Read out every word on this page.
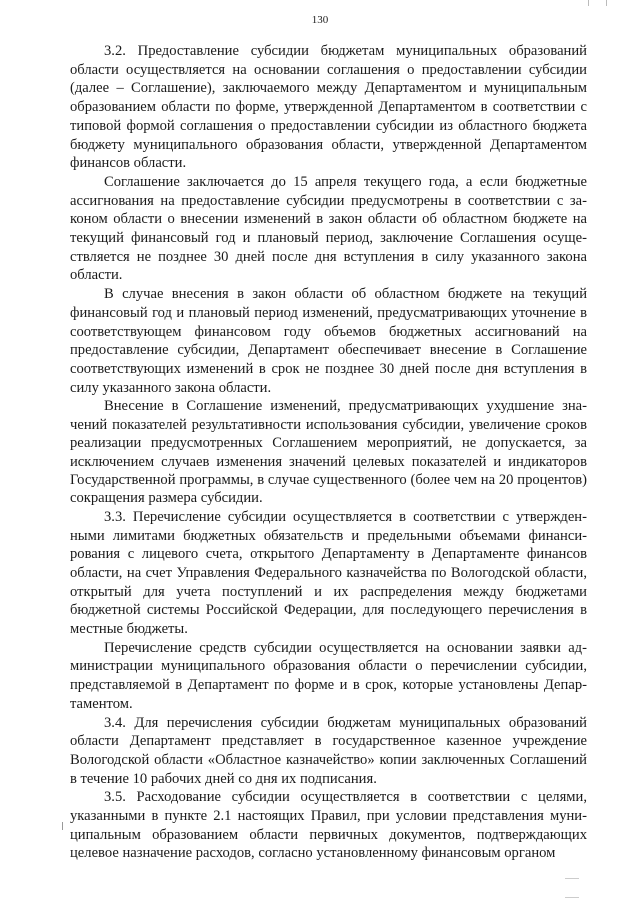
130

3.2. Предоставление субсидии бюджетам муниципальных образований области осуществляется на основании соглашения о предоставлении субсидии (далее – Соглашение), заключаемого между Департаментом и муниципальным образованием области по форме, утвержденной Департаментом в соответствии с типовой формой соглашения о предоставлении субсидии из областного бюджета бюджету муниципального образования области, утвержденной Департаментом финансов области.

Соглашение заключается до 15 апреля текущего года, а если бюджетные ассигнования на предоставление субсидии предусмотрены в соответствии с законом области о внесении изменений в закон области об областном бюджете на текущий финансовый год и плановый период, заключение Соглашения осуществляется не позднее 30 дней после дня вступления в силу указанного закона области.

В случае внесения в закон области об областном бюджете на текущий финансовый год и плановый период изменений, предусматривающих уточнение в соответствующем финансовом году объемов бюджетных ассигнований на предоставление субсидии, Департамент обеспечивает внесение в Соглашение соответствующих изменений в срок не позднее 30 дней после дня вступления в силу указанного закона области.

Внесение в Соглашение изменений, предусматривающих ухудшение значений показателей результативности использования субсидии, увеличение сроков реализации предусмотренных Соглашением мероприятий, не допускается, за исключением случаев изменения значений целевых показателей и индикаторов Государственной программы, в случае существенного (более чем на 20 процентов) сокращения размера субсидии.

3.3. Перечисление субсидии осуществляется в соответствии с утвержденными лимитами бюджетных обязательств и предельными объемами финансирования с лицевого счета, открытого Департаменту в Департаменте финансов области, на счет Управления Федерального казначейства по Вологодской области, открытый для учета поступлений и их распределения между бюджетами бюджетной системы Российской Федерации, для последующего перечисления в местные бюджеты.

Перечисление средств субсидии осуществляется на основании заявки администрации муниципального образования области о перечислении субсидии, представляемой в Департамент по форме и в срок, которые установлены Департаментом.

3.4. Для перечисления субсидии бюджетам муниципальных образований области Департамент представляет в государственное казенное учреждение Вологодской области «Областное казначейство» копии заключенных Соглашений в течение 10 рабочих дней со дня их подписания.

3.5. Расходование субсидии осуществляется в соответствии с целями, указанными в пункте 2.1 настоящих Правил, при условии представления муниципальным образованием области первичных документов, подтверждающих целевое назначение расходов, согласно установленному финансовым органом
